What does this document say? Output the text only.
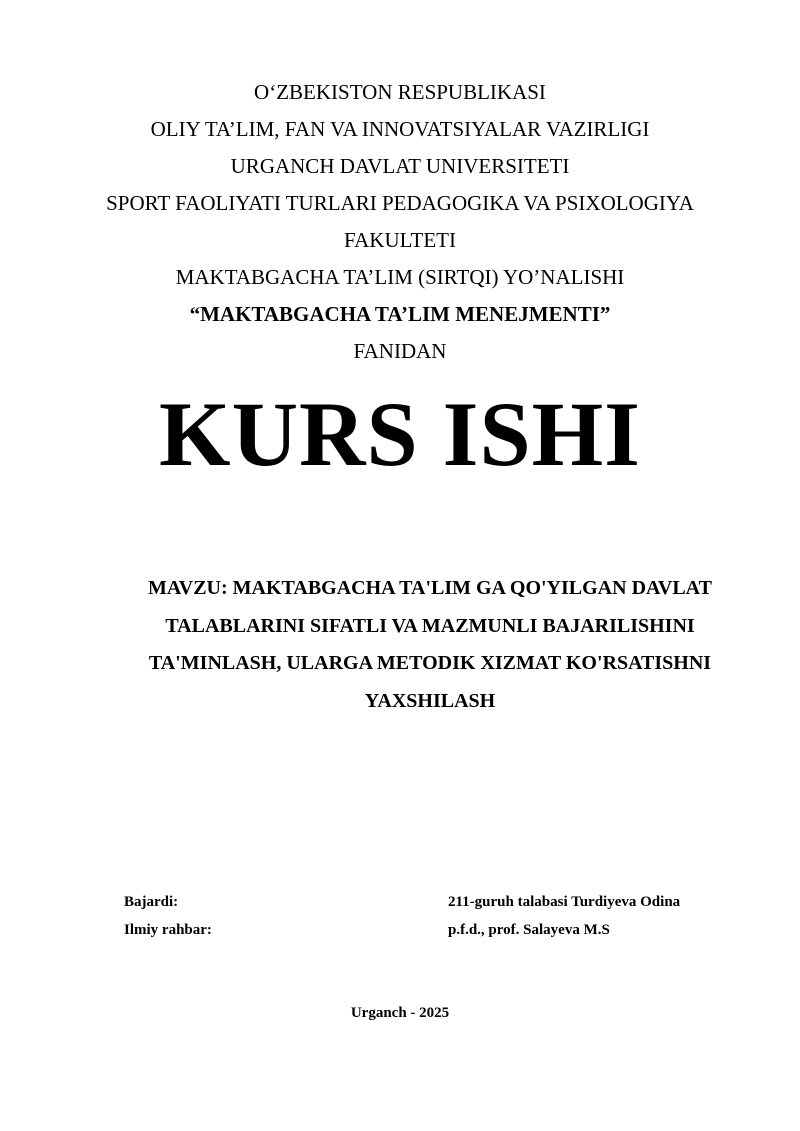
O‘ZBEKISTON RESPUBLIKASI
OLIY TA’LIM, FAN VA INNOVATSIYALAR VAZIRLIGI
URGANCH DAVLAT UNIVERSITETI
SPORT FAOLIYATI TURLARI PEDAGOGIKA VA PSIXOLOGIYA
FAKULTETI
MAKTABGACHA TA’LIM (SIRTQI) YO’NALISHI
“MAKTABGACHA TA’LIM MENEJMENTI”
FANIDAN
KURS ISHI
MAVZU: MAKTABGACHA TA'LIM GA QO'YILGAN DAVLAT TALABLARINI SIFATLI VA MAZMUNLI BAJARILISHINI TA'MINLASH, ULARGA METODIK XIZMAT KO'RSATISHNI YAXSHILASH
Bajardi:	211-guruh talabasi Turdiyeva Odina
Ilmiy rahbar:	p.f.d., prof. Salayeva M.S
Urganch - 2025
